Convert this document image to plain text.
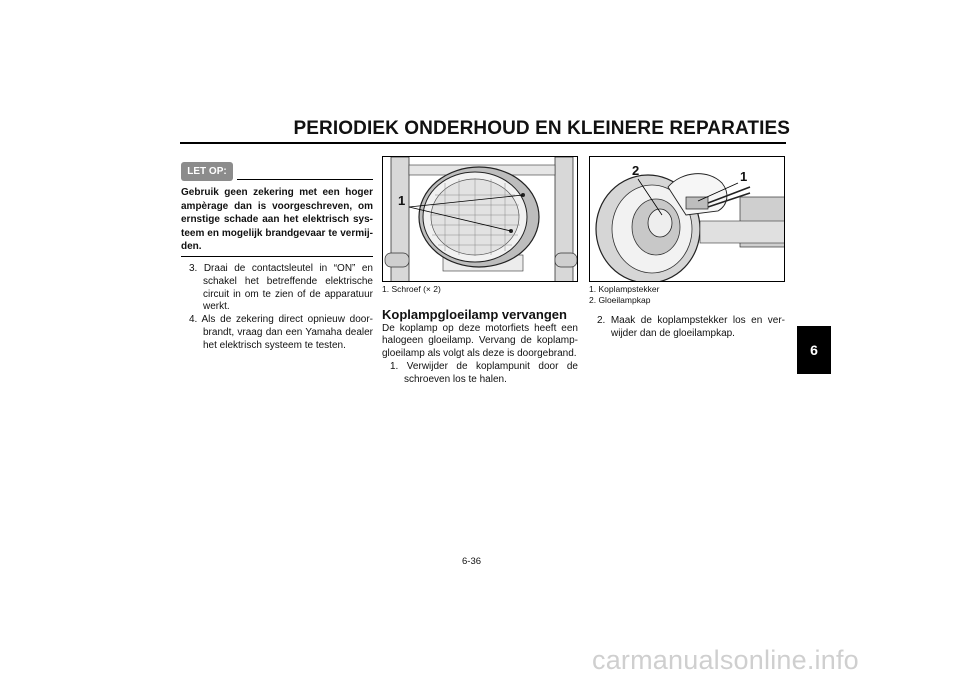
PERIODIEK ONDERHOUD EN KLEINERE REPARATIES
6
LET OP:
Gebruik geen zekering met een hoger ampèrage dan is voorgeschreven, om ernstige schade aan het elektrisch sys-teem en mogelijk brandgevaar te vermij-den.
3. Draai de contactsleutel in “ON” en schakel het betreffende elektrische circuit in om te zien of de apparatuur werkt.
4. Als de zekering direct opnieuw door-brandt, vraag dan een Yamaha dealer het elektrisch systeem te testen.
1
1. Schroef (× 2)
Koplampgloeilamp vervangen
De koplamp op deze motorfiets heeft een halogeen gloeilamp. Vervang de koplamp-gloeilamp als volgt als deze is doorgebrand.
1. Verwijder de koplampunit door de schroeven los te halen.
2	1
1. Koplampstekker
2. Gloeilampkap
2. Maak de koplampstekker los en ver-wijder dan de gloeilampkap.
6-36
carmanualsonline.info
